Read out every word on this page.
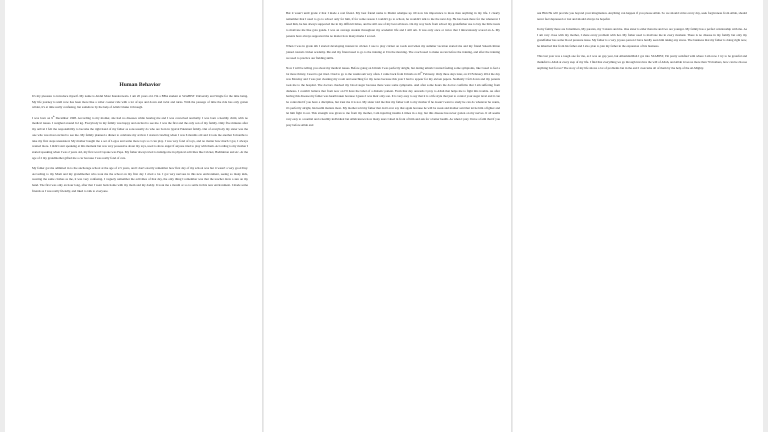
Human Behavior

It's my pleasure to introduce myself. My name is Abdul Moiz Kandorawala. I am 20 years old. I'm a BBA student at SZABIST University and Single for the time being. My life journey is until now has been more like a roller coaster ride with a lot of ups and down and twist and turns. With the passage of time the ride has only gotten wilder, it's at time really confusing, but somehow by the help of Allah I make it through.

I was born on 9th December 1998. According to my mother, she had no diseases while bearing me and I was conceived normally. I was born a healthy child, with no medical issues. I weighed around 6.2 kg. Everybody in my family was happy and excited to see me. I was the first and the only son of my family. Only five minutes after my arrival I felt the responsibility to become the right hand of my father as sons usually do who are born in typical Pakistani family. Out of everybody my sister was the one who was most excited to see me. My family planned a dinner to celebrate my arrival. I started crawling when I was 6 months old and it took me another 6 months to take my first steps unassisted. My mother bought me a set of Legos and some more toys so I can play. I was very fond of toys, and no matter how much I got, I always wanted more. I didn't start speaking at this moment but was very possessive about my toys, used to show anger if anyone tried to play with them. According to my mother I started speaking when I was 2 years old, my first word I spoke was Papa. My father always tried to indulge me in physical activities like Cricket, Badminton and etc. At the age of 2 my grandmother gifted me a car because I was really fond of cars.

My father got me admitted in to the anchorage school at the age of 2.5 years, and I don't exactly remember how first day of my school was but it wasn't a very good Day. According to my Mom and my grandmother who took me the school on my first day I cried a lot. I got very nervous in this new environment, seeing so many kids, wearing the same clothes as me, it was very confusing. I vaguely remember the activities of that day, the only thing I remember was that the teacher drew a sun on my hand. The first was only an hour long, after that I went back home with my mom and my daddy. It took me a month or so to settle in this new environment. I made some friends as I was really friendly, and liked to talk to everyone.

But it wasn't until grade 2 that I made a real friend. My best friend name is Madni adamjee up till now his importance is more than anything in my life. I clearly remember that I used to go to school only for him, if for some reason I couldn't go to school, he wouldn't talk to me the next day. He has been there for me whenever I need him, he has always supported me in my difficult times, and he still one of my best advisors. On my way back from school my grandfather use to buy me little treats to motivate me like gola ganda. I was an average student throughout my academic life and I still am. It was only once or twice that I miraculously scored an A. My parents have always supported me no matter how many marks I scored.

When I was in grade 4th I started developing interest in cricket. I use to play cricket on roads and when my summer vacation started me and my friend Saleem Imran joined custom cricket academy. Me and my friend used to go to the training at 9 in the morning. The coach used to make us run before the training, and after the training we used to practice our fielding skills.

Now I will be telling you about my medical issues. Before going on Umrah I was perfectly alright, but during umrah I started feeling some symptoms, like I used to feel a lot more thirsty, I used to get tired. I had to go to the washroom very often. I came back from Umrah on 20th February. Only three days later, on 23 February 2014 the day was Monday and I was just cleaning my room and searching for my notes because this year I had to appear for my eleven papers. Suddenly I felt down and my parents took me to the hospital. The doctors checked my blood sugar because there were some symptoms. And after some hours the doctor confirms that I am suffering from diabetes. I couldn't believe that from now on I'll have the label of a diabetic patient. From that day onwards I pray to Allah that helps me to fight this trouble. As after having this disease my father was heartbroken because I guess I was their only son. It is very easy to say that it is a life style that just to control your sugar level and it can be controlled if you have a discipline, but trust me it is not. My sister told me that my father told to my mother if he doesn't want to study he can do whatever he wants, it's perfectly alright, his health matters most. My mother told my father that don't ever say that again because he will be weak and mother said that let he him a fighter and let him fight it out. This strength was given to me from my mother, I am injecting insulin 4 times in a day, but this disease has never gotten on my nerves. It all seems very easy to a normal and a healthy individual but Allah knows how many tears I shed in front of him and ask for a better health. As when I pray I have a faith that if you pray before Allah and

ask Him He will provide you beyond your imagination. Anything can happen if you please Allah. So we should strive every day, seek forgiveness from Allah, should never feel depressed or lost and should always be hopeful.

In my family there are 6 members, My parents, my 3 sisters and me. One sister is elder than me and two are younger. My family has a perfect relationship with me. As I am very close with my mother, I share every problem with her. My father used to motivate me in every moment. There is no disease in my family but only my grandfather has some blood pressure issue. My father is a very joyous person I have hardly seen him taking any stress. The business that my father is doing right now, he inherited that from his father and I also plan to join my father in the expansion of his business.

This last year was a tough one for me, as I was on gap year, but Alhamdulillah I got into SZABIST, I'm pretty satisfied with where I am now. I try to be grateful and thankful to Allah at every step of my life. I find that everything we go through involves the will of Allah, and Allah loves us more than 70 mothers, how can he choose anything bad for us? The story of my life shows a lot of problems but in the end I overcame all of them by the help of the Al-Mighty.
